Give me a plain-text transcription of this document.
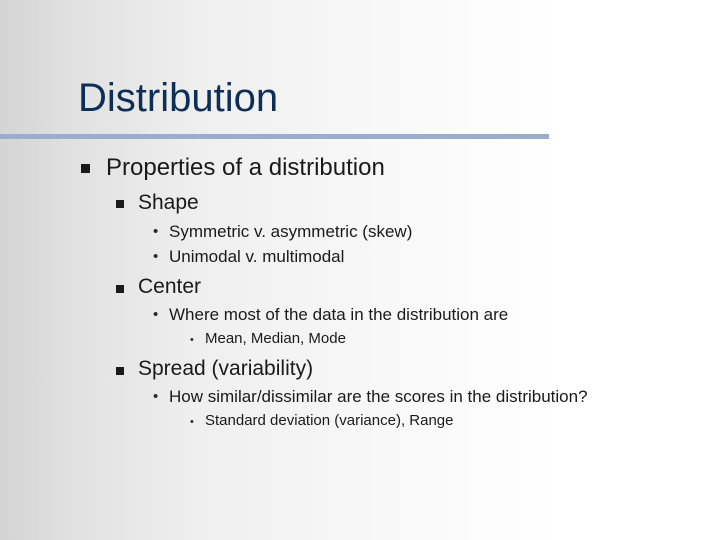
Distribution
Properties of a distribution
Shape
• Symmetric v. asymmetric (skew)
• Unimodal v. multimodal
Center
• Where most of the data in the distribution are
• Mean, Median, Mode
Spread (variability)
• How similar/dissimilar are the scores in the distribution?
• Standard deviation (variance), Range
